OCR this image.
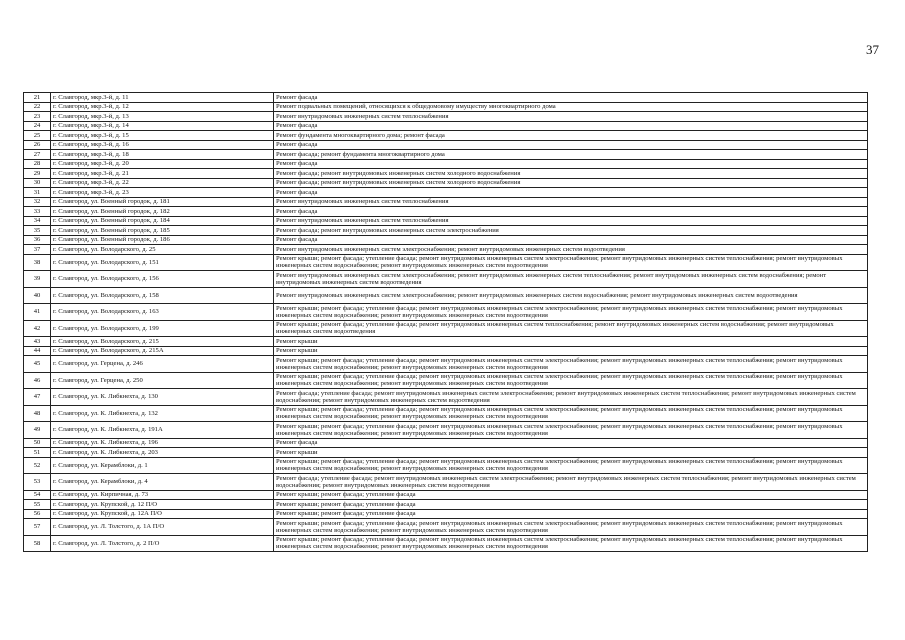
37
21	г. Славгород, мкр.3-й, д. 11	Ремонт фасада
22	г. Славгород, мкр.3-й, д. 12	Ремонт подвальных помещений, относящихся к общедомовому имуществу многоквартирного дома
23	г. Славгород, мкр.3-й, д. 13	Ремонт внутридомовых инженерных систем теплоснабжения
24	г. Славгород, мкр.3-й, д. 14	Ремонт фасада
25	г. Славгород, мкр.3-й, д. 15	Ремонт фундамента многоквартирного дома; ремонт фасада
26	г. Славгород, мкр.3-й, д. 16	Ремонт фасада
27	г. Славгород, мкр.3-й, д. 18	Ремонт фасада; ремонт фундамента многоквартирного дома
28	г. Славгород, мкр.3-й, д. 20	Ремонт фасада
29	г. Славгород, мкр.3-й, д. 21	Ремонт фасада; ремонт внутридомовых инженерных систем холодного водоснабжения
30	г. Славгород, мкр.3-й, д. 22	Ремонт фасада; ремонт внутридомовых инженерных систем холодного водоснабжения
31	г. Славгород, мкр.3-й, д. 23	Ремонт фасада
32	г. Славгород, ул. Военный городок, д. 181	Ремонт внутридомовых инженерных систем теплоснабжения
33	г. Славгород, ул. Военный городок, д. 182	Ремонт фасада
34	г. Славгород, ул. Военный городок, д. 184	Ремонт внутридомовых инженерных систем теплоснабжения
35	г. Славгород, ул. Военный городок, д. 185	Ремонт фасада; ремонт внутридомовых инженерных систем электроснабжения
36	г. Славгород, ул. Военный городок, д. 186	Ремонт фасада
37	г. Славгород, ул. Володарского, д. 25	Ремонт внутридомовых инженерных систем электроснабжения; ремонт внутридомовых инженерных систем водоотведения
38	г. Славгород, ул. Володарского, д. 151	Ремонт крыши; ремонт фасада; утепление фасада; ремонт внутридомовых инженерных систем электроснабжения; ремонт внутридомовых инженерных систем теплоснабжения; ремонт внутридомовых инженерных систем водоснабжения; ремонт внутридомовых инженерных систем водоотведения
39	г. Славгород, ул. Володарского, д. 156	Ремонт внутридомовых инженерных систем электроснабжения; ремонт внутридомовых инженерных систем теплоснабжения; ремонт внутридомовых инженерных систем водоснабжения; ремонт внутридомовых инженерных систем водоотведения
40	г. Славгород, ул. Володарского, д. 158	Ремонт внутридомовых инженерных систем электроснабжения; ремонт внутридомовых инженерных систем водоснабжения; ремонт внутридомовых инженерных систем водоотведения
41	г. Славгород, ул. Володарского, д. 163	Ремонт крыши; ремонт фасада; утепление фасада; ремонт внутридомовых инженерных систем электроснабжения; ремонт внутридомовых инженерных систем теплоснабжения; ремонт внутридомовых инженерных систем водоснабжения; ремонт внутридомовых инженерных систем водоотведения
42	г. Славгород, ул. Володарского, д. 199	Ремонт крыши; ремонт фасада; утепление фасада; ремонт внутридомовых инженерных систем теплоснабжения; ремонт внутридомовых инженерных систем водоснабжения; ремонт внутридомовых инженерных систем водоотведения
43	г. Славгород, ул. Володарского, д. 215	Ремонт крыши
44	г. Славгород, ул. Володарского, д. 215А	Ремонт крыши
45	г. Славгород, ул. Герцена, д. 246	Ремонт крыши; ремонт фасада; утепление фасада; ремонт внутридомовых инженерных систем электроснабжения; ремонт внутридомовых инженерных систем теплоснабжения; ремонт внутридомовых инженерных систем водоснабжения; ремонт внутридомовых инженерных систем водоотведения
46	г. Славгород, ул. Герцена, д. 250	Ремонт крыши; ремонт фасада; утепление фасада; ремонт внутридомовых инженерных систем электроснабжения; ремонт внутридомовых инженерных систем теплоснабжения; ремонт внутридомовых инженерных систем водоснабжения; ремонт внутридомовых инженерных систем водоотведения
47	г. Славгород, ул. К. Либкнехта, д. 130	Ремонт фасада; утепление фасада; ремонт внутридомовых инженерных систем электроснабжения; ремонт внутридомовых инженерных систем теплоснабжения; ремонт внутридомовых инженерных систем водоснабжения; ремонт внутридомовых инженерных систем водоотведения
48	г. Славгород, ул. К. Либкнехта, д. 132	Ремонт крыши; ремонт фасада; утепление фасада; ремонт внутридомовых инженерных систем электроснабжения; ремонт внутридомовых инженерных систем теплоснабжения; ремонт внутридомовых инженерных систем водоснабжения; ремонт внутридомовых инженерных систем водоотведения
49	г. Славгород, ул. К. Либкнехта, д. 191А	Ремонт крыши; ремонт фасада; утепление фасада; ремонт внутридомовых инженерных систем электроснабжения; ремонт внутридомовых инженерных систем теплоснабжения; ремонт внутридомовых инженерных систем водоснабжения; ремонт внутридомовых инженерных систем водоотведения
50	г. Славгород, ул. К. Либкнехта, д. 196	Ремонт фасада
51	г. Славгород, ул. К. Либкнехта, д. 203	Ремонт крыши
52	г. Славгород, ул. Керамблоки, д. 1	Ремонт крыши; ремонт фасада; утепление фасада; ремонт внутридомовых инженерных систем электроснабжения; ремонт внутридомовых инженерных систем теплоснабжения; ремонт внутридомовых инженерных систем водоснабжения; ремонт внутридомовых инженерных систем водоотведения
53	г. Славгород, ул. Керамблоки, д. 4	Ремонт фасада; утепление фасада; ремонт внутридомовых инженерных систем электроснабжения; ремонт внутридомовых инженерных систем теплоснабжения; ремонт внутридомовых инженерных систем водоснабжения; ремонт внутридомовых инженерных систем водоотведения
54	г. Славгород, ул. Кирпичная, д. 73	Ремонт крыши; ремонт фасада; утепление фасада
55	г. Славгород, ул. Крупской, д. 12 П/О	Ремонт крыши; ремонт фасада; утепление фасада
56	г. Славгород, ул. Крупской, д. 12А П/О	Ремонт крыши; ремонт фасада; утепление фасада
57	г. Славгород, ул. Л. Толстого, д. 1А П/О	Ремонт крыши; ремонт фасада; утепление фасада; ремонт внутридомовых инженерных систем электроснабжения; ремонт внутридомовых инженерных систем теплоснабжения; ремонт внутридомовых инженерных систем водоснабжения; ремонт внутридомовых инженерных систем водоотведения
58	г. Славгород, ул. Л. Толстого, д. 2 П/О	Ремонт крыши; ремонт фасада; утепление фасада; ремонт внутридомовых инженерных систем электроснабжения; ремонт внутридомовых инженерных систем теплоснабжения; ремонт внутридомовых инженерных систем водоснабжения; ремонт внутридомовых инженерных систем водоотведения
